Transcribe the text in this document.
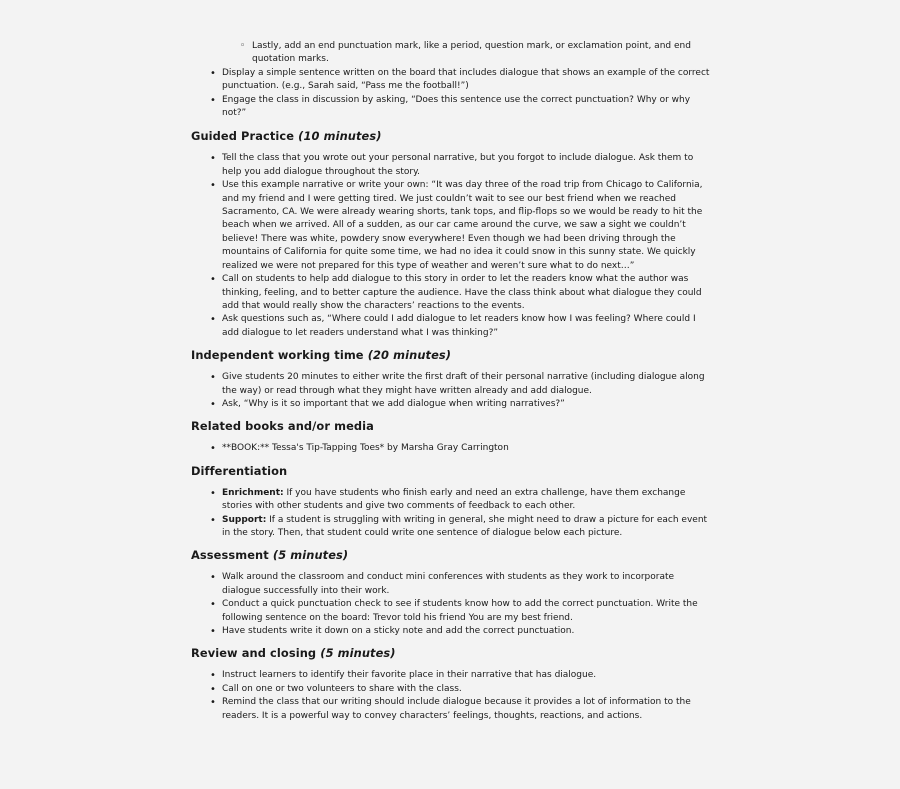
◦ Lastly, add an end punctuation mark, like a period, question mark, or exclamation point, and end quotation marks.
• Display a simple sentence written on the board that includes dialogue that shows an example of the correct punctuation. (e.g., Sarah said, “Pass me the football!”)
• Engage the class in discussion by asking, “Does this sentence use the correct punctuation? Why or why not?”
Guided Practice (10 minutes)
• Tell the class that you wrote out your personal narrative, but you forgot to include dialogue. Ask them to help you add dialogue throughout the story.
• Use this example narrative or write your own: “It was day three of the road trip from Chicago to California, and my friend and I were getting tired. We just couldn’t wait to see our best friend when we reached Sacramento, CA. We were already wearing shorts, tank tops, and flip-flops so we would be ready to hit the beach when we arrived. All of a sudden, as our car came around the curve, we saw a sight we couldn’t believe! There was white, powdery snow everywhere! Even though we had been driving through the mountains of California for quite some time, we had no idea it could snow in this sunny state. We quickly realized we were not prepared for this type of weather and weren’t sure what to do next…”
• Call on students to help add dialogue to this story in order to let the readers know what the author was thinking, feeling, and to better capture the audience. Have the class think about what dialogue they could add that would really show the characters’ reactions to the events.
• Ask questions such as, “Where could I add dialogue to let readers know how I was feeling? Where could I add dialogue to let readers understand what I was thinking?”
Independent working time (20 minutes)
• Give students 20 minutes to either write the first draft of their personal narrative (including dialogue along the way) or read through what they might have written already and add dialogue.
• Ask, “Why is it so important that we add dialogue when writing narratives?”
Related books and/or media
• **BOOK:** Tessa's Tip-Tapping Toes* by Marsha Gray Carrington
Differentiation
• Enrichment: If you have students who finish early and need an extra challenge, have them exchange stories with other students and give two comments of feedback to each other.
• Support: If a student is struggling with writing in general, she might need to draw a picture for each event in the story. Then, that student could write one sentence of dialogue below each picture.
Assessment (5 minutes)
• Walk around the classroom and conduct mini conferences with students as they work to incorporate dialogue successfully into their work.
• Conduct a quick punctuation check to see if students know how to add the correct punctuation. Write the following sentence on the board: Trevor told his friend You are my best friend.
• Have students write it down on a sticky note and add the correct punctuation.
Review and closing (5 minutes)
• Instruct learners to identify their favorite place in their narrative that has dialogue.
• Call on one or two volunteers to share with the class.
• Remind the class that our writing should include dialogue because it provides a lot of information to the readers. It is a powerful way to convey characters’ feelings, thoughts, reactions, and actions.
